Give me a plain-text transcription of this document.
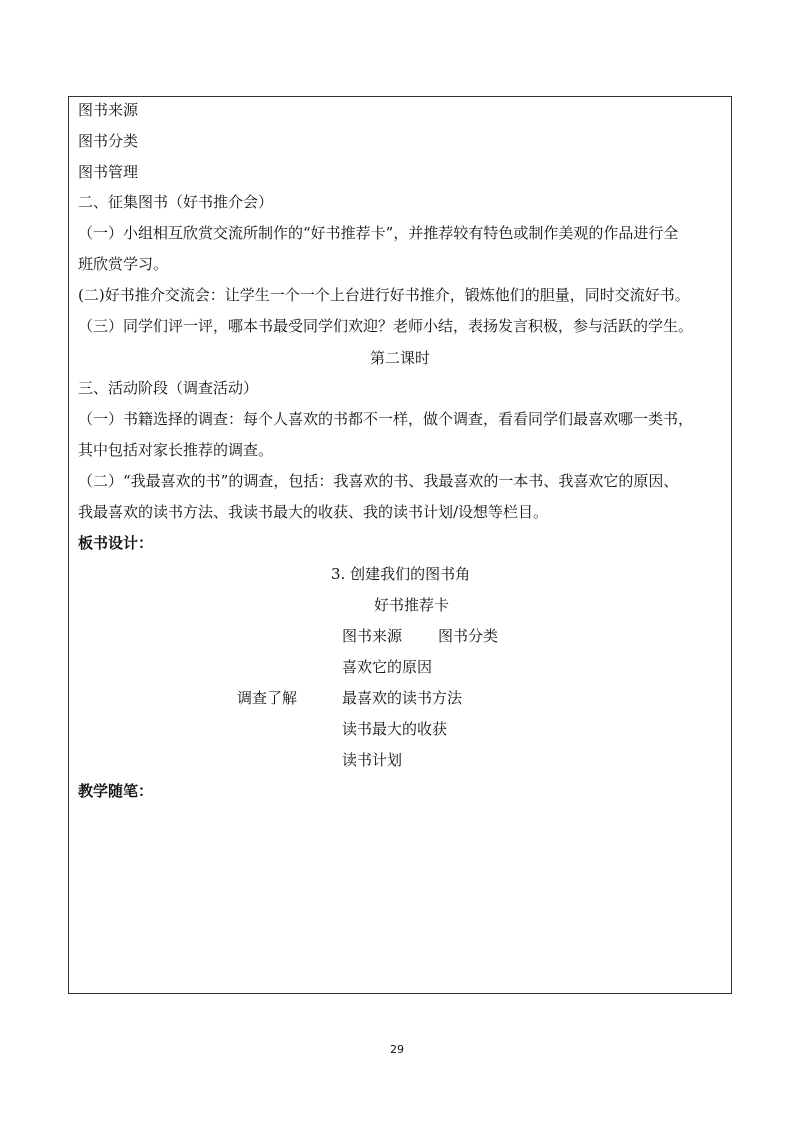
图书来源
图书分类
图书管理
二、征集图书（好书推介会）
（一）小组相互欣赏交流所制作的“好书推荐卡”，并推荐较有特色或制作美观的作品进行全
班欣赏学习。
(二)好书推介交流会：让学生一个一个上台进行好书推介，锻炼他们的胆量，同时交流好书。
（三）同学们评一评，哪本书最受同学们欢迎？老师小结，表扬发言积极，参与活跃的学生。
第二课时
三、活动阶段（调查活动）
（一）书籍选择的调查：每个人喜欢的书都不一样，做个调查，看看同学们最喜欢哪一类书，
其中包括对家长推荐的调查。
（二）“我最喜欢的书”的调查，包括：我喜欢的书、我最喜欢的一本书、我喜欢它的原因、
我最喜欢的读书方法、我读书最大的收获、我的读书计划/设想等栏目。
板书设计：
3. 创建我们的图书角
好书推荐卡
图书来源 图书分类
喜欢它的原因
调查了解	最喜欢的读书方法
读书最大的收获
读书计划
教学随笔：
29
